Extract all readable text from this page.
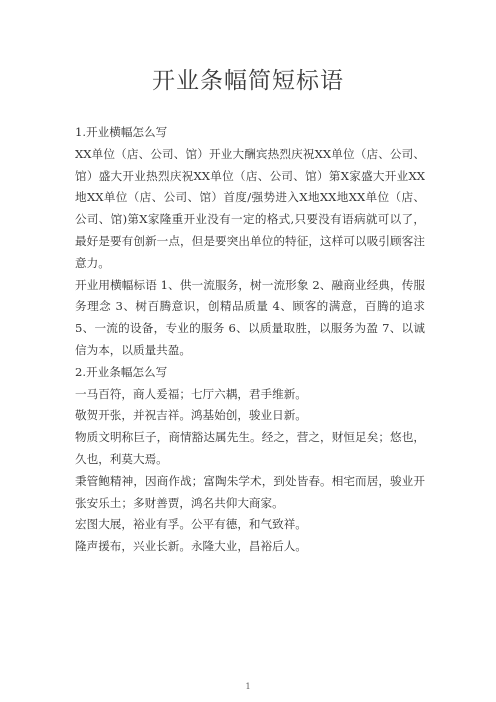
开业条幅简短标语

1.开业横幅怎么写

XX单位（店、公司、馆）开业大酬宾热烈庆祝XX单位（店、公司、馆）盛大开业热烈庆祝XX单位（店、公司、馆）第X家盛大开业XX地XX单位（店、公司、馆）首度/强势进入X地XX地XX单位（店、公司、馆)第X家隆重开业没有一定的格式,只要没有语病就可以了，最好是要有创新一点，但是要突出单位的特征，这样可以吸引顾客注意力。

开业用横幅标语 1、供一流服务，树一流形象 2、融商业经典，传服务理念 3、树百腾意识，创精品质量 4、顾客的满意，百腾的追求 5、一流的设备，专业的服务 6、以质量取胜，以服务为盈 7、以诚信为本，以质量共盈。

2.开业条幅怎么写

一马百符，商人爰福；七厅六耦，君手维新。

敬贺开张，并祝吉祥。鸿基始创，骏业日新。

物质文明称巨子，商情豁达属先生。经之，营之，财恒足矣；悠也，久也，利莫大焉。

秉管鲍精神，因商作战；富陶朱学术，到处皆春。相宅而居，骏业开张安乐土；多财善贾，鸿名共仰大商家。

宏图大展，裕业有孚。公平有德，和气致祥。

隆声援布，兴业长新。永隆大业，昌裕后人。

1
